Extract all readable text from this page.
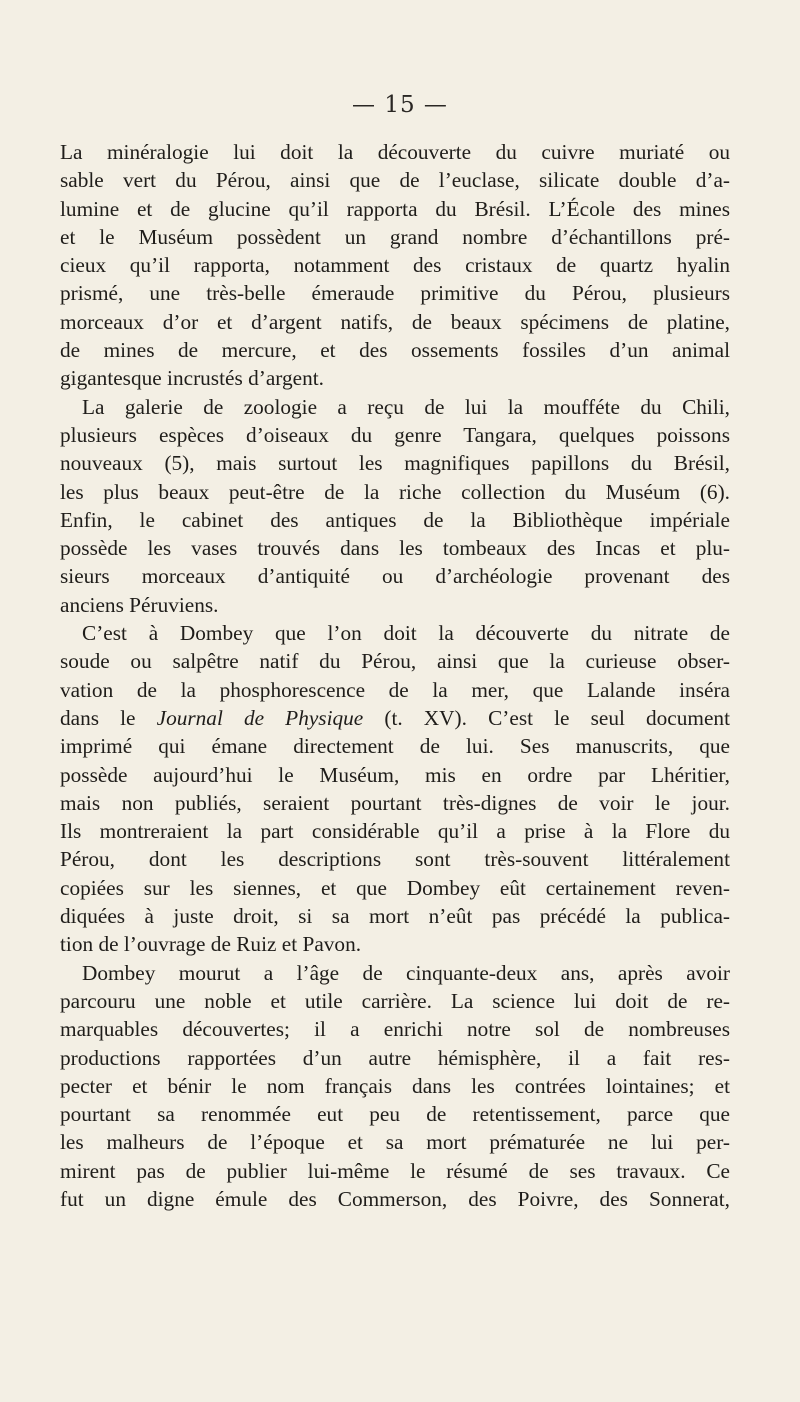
— 15 —
La minéralogie lui doit la découverte du cuivre muriaté ou
sable vert du Pérou, ainsi que de l’euclase, silicate double d’a-
lumine et de glucine qu’il rapporta du Brésil. L’École des mines
et le Muséum possèdent un grand nombre d’échantillons pré-
cieux qu’il rapporta, notamment des cristaux de quartz hyalin
prismé, une très-belle émeraude primitive du Pérou, plusieurs
morceaux d’or et d’argent natifs, de beaux spécimens de platine,
de mines de mercure, et des ossements fossiles d’un animal
gigantesque incrustés d’argent.
La galerie de zoologie a reçu de lui la moufféte du Chili,
plusieurs espèces d’oiseaux du genre Tangara, quelques poissons
nouveaux (5), mais surtout les magnifiques papillons du Brésil,
les plus beaux peut-être de la riche collection du Muséum (6).
Enfin, le cabinet des antiques de la Bibliothèque impériale
possède les vases trouvés dans les tombeaux des Incas et plu-
sieurs morceaux d’antiquité ou d’archéologie provenant des
anciens Péruviens.
C’est à Dombey que l’on doit la découverte du nitrate de
soude ou salpêtre natif du Pérou, ainsi que la curieuse obser-
vation de la phosphorescence de la mer, que Lalande inséra
dans le Journal de Physique (t. XV). C’est le seul document
imprimé qui émane directement de lui. Ses manuscrits, que
possède aujourd’hui le Muséum, mis en ordre par Lhéritier,
mais non publiés, seraient pourtant très-dignes de voir le jour.
Ils montreraient la part considérable qu’il a prise à la Flore du
Pérou, dont les descriptions sont très-souvent littéralement
copiées sur les siennes, et que Dombey eût certainement reven-
diquées à juste droit, si sa mort n’eût pas précédé la publica-
tion de l’ouvrage de Ruiz et Pavon.
Dombey mourut a l’âge de cinquante-deux ans, après avoir
parcouru une noble et utile carrière. La science lui doit de re-
marquables découvertes; il a enrichi notre sol de nombreuses
productions rapportées d’un autre hémisphère, il a fait res-
pecter et bénir le nom français dans les contrées lointaines; et
pourtant sa renommée eut peu de retentissement, parce que
les malheurs de l’époque et sa mort prématurée ne lui per-
mirent pas de publier lui-même le résumé de ses travaux. Ce
fut un digne émule des Commerson, des Poivre, des Sonnerat,
